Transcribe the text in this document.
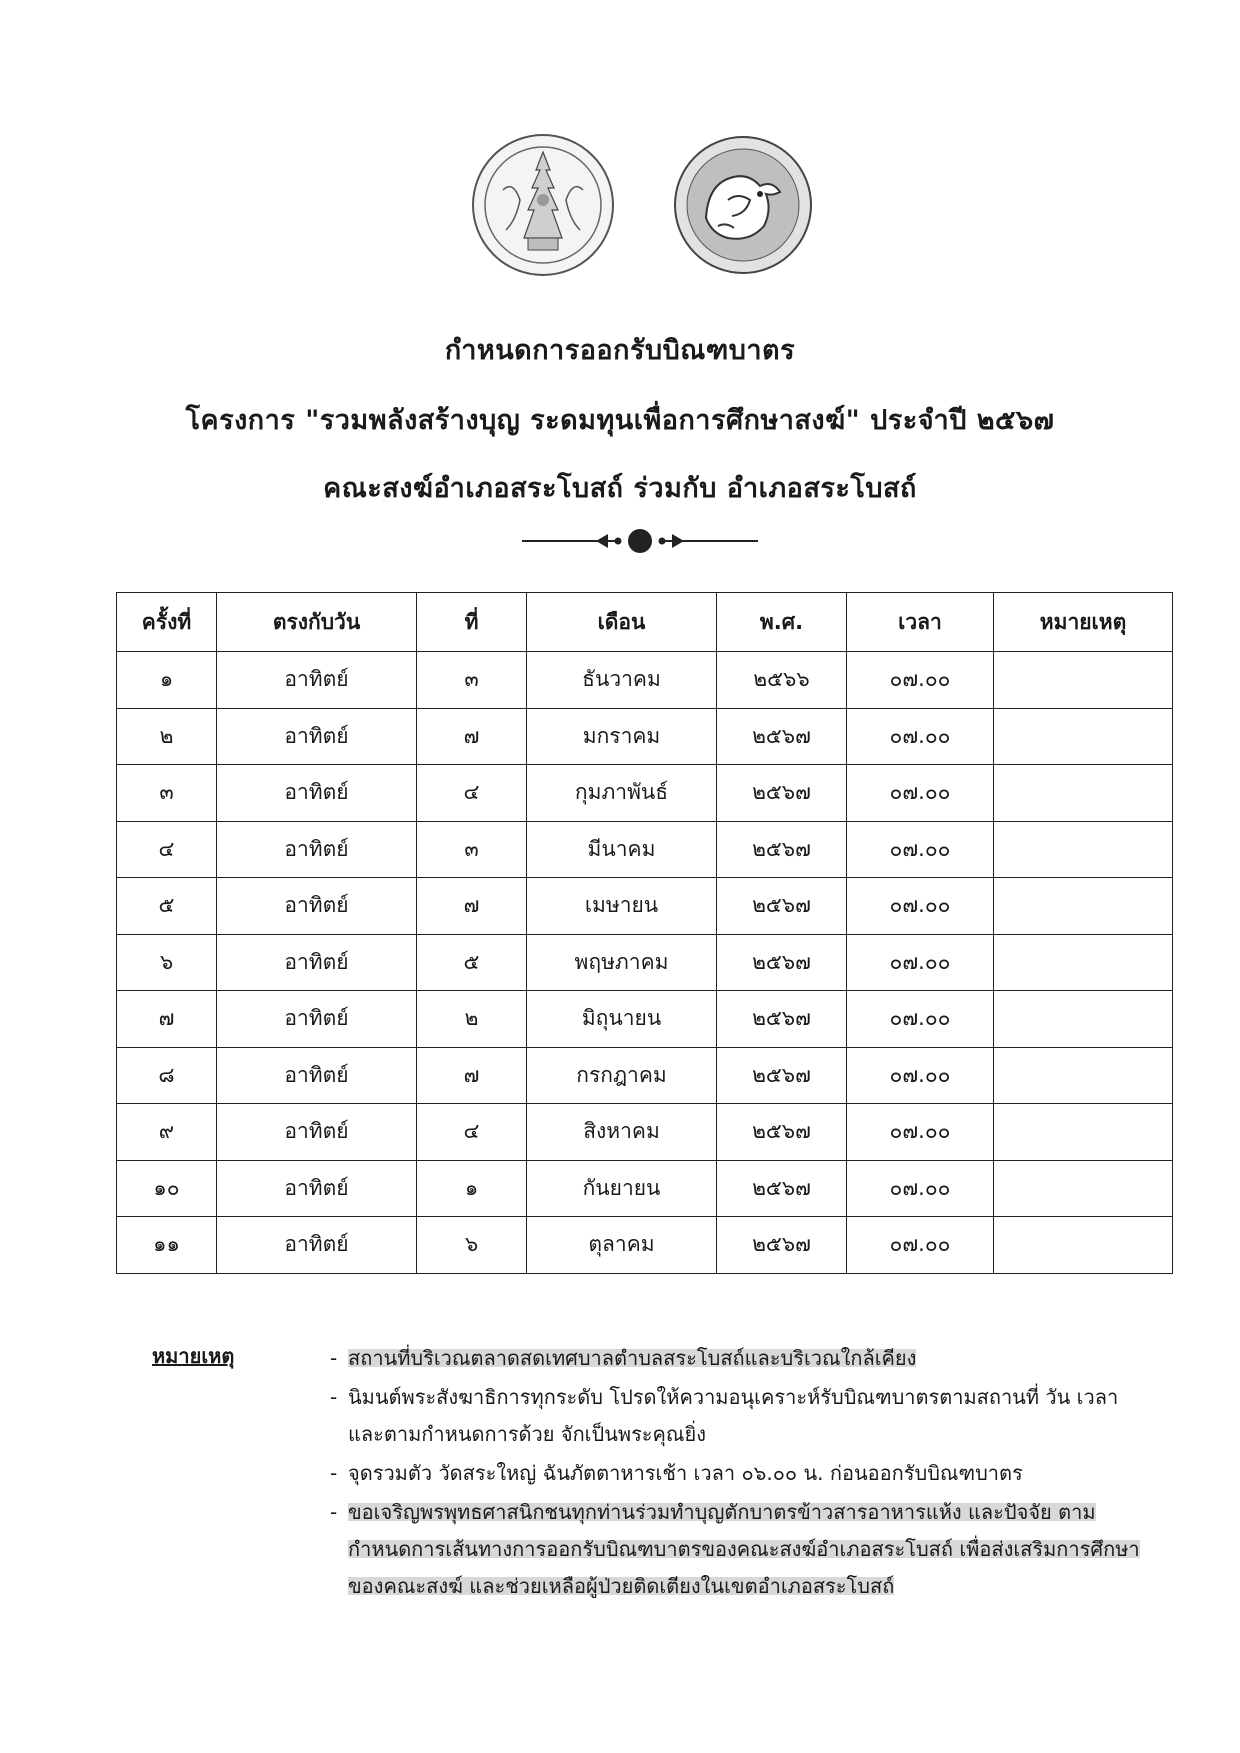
กำหนดการออกรับบิณฑบาตร
โครงการ "รวมพลังสร้างบุญ ระดมทุนเพื่อการศึกษาสงฆ์" ประจำปี ๒๕๖๗
คณะสงฆ์อำเภอสระโบสถ์ ร่วมกับ อำเภอสระโบสถ์
ครั้งที่	ตรงกับวัน	ที่	เดือน	พ.ศ.	เวลา	หมายเหตุ
๑	อาทิตย์	๓	ธันวาคม	๒๕๖๖	๐๗.๐๐	
๒	อาทิตย์	๗	มกราคม	๒๕๖๗	๐๗.๐๐	
๓	อาทิตย์	๔	กุมภาพันธ์	๒๕๖๗	๐๗.๐๐	
๔	อาทิตย์	๓	มีนาคม	๒๕๖๗	๐๗.๐๐	
๕	อาทิตย์	๗	เมษายน	๒๕๖๗	๐๗.๐๐	
๖	อาทิตย์	๕	พฤษภาคม	๒๕๖๗	๐๗.๐๐	
๗	อาทิตย์	๒	มิถุนายน	๒๕๖๗	๐๗.๐๐	
๘	อาทิตย์	๗	กรกฎาคม	๒๕๖๗	๐๗.๐๐	
๙	อาทิตย์	๔	สิงหาคม	๒๕๖๗	๐๗.๐๐	
๑๐	อาทิตย์	๑	กันยายน	๒๕๖๗	๐๗.๐๐	
๑๑	อาทิตย์	๖	ตุลาคม	๒๕๖๗	๐๗.๐๐	
หมายเหตุ	- สถานที่บริเวณตลาดสดเทศบาลตำบลสระโบสถ์และบริเวณใกล้เคียง
- นิมนต์พระสังฆาธิการทุกระดับ โปรดให้ความอนุเคราะห์รับบิณฑบาตรตามสถานที่ วัน เวลา และตามกำหนดการด้วย จักเป็นพระคุณยิ่ง
- จุดรวมตัว วัดสระใหญ่ ฉันภัตตาหารเช้า เวลา ๐๖.๐๐ น. ก่อนออกรับบิณฑบาตร
- ขอเจริญพรพุทธศาสนิกชนทุกท่านร่วมทำบุญตักบาตรข้าวสารอาหารแห้ง และปัจจัย ตามกำหนดการเส้นทางการออกรับบิณฑบาตรของคณะสงฆ์อำเภอสระโบสถ์ เพื่อส่งเสริมการศึกษาของคณะสงฆ์ และช่วยเหลือผู้ป่วยติดเตียงในเขตอำเภอสระโบสถ์
